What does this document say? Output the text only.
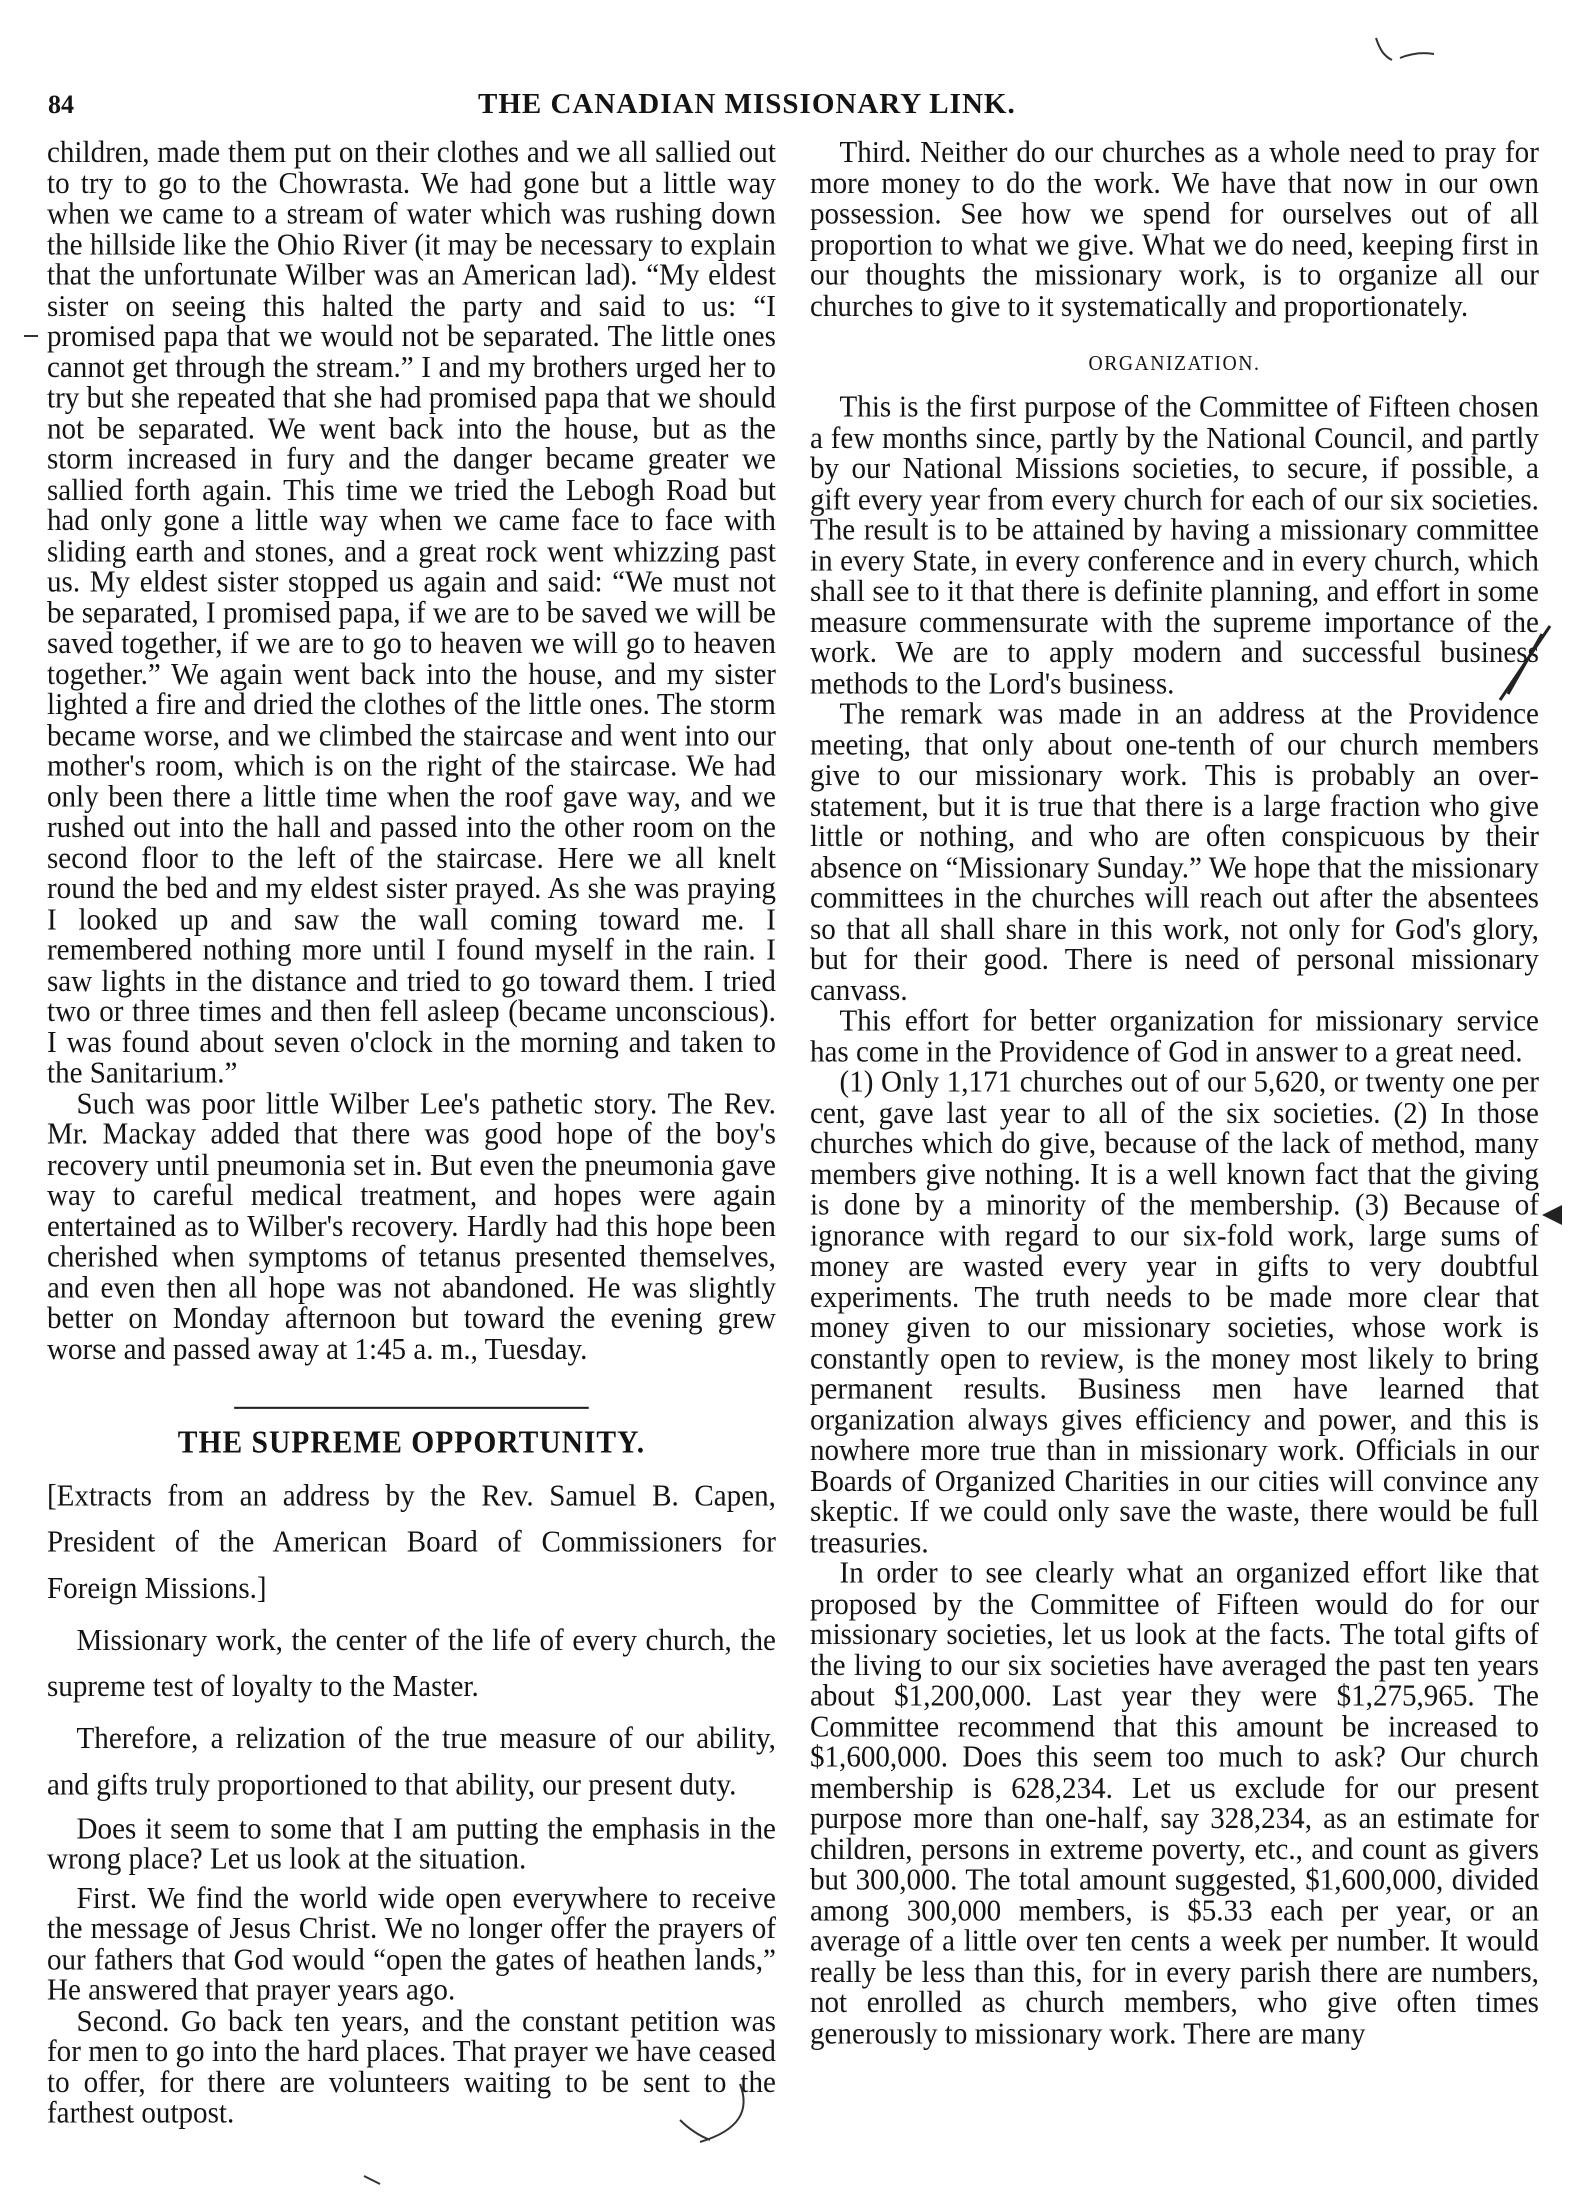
84	THE CANADIAN MISSIONARY LINK.

children, made them put on their clothes and we all sallied out to try to go to the Chowrasta. We had gone but a little way when we came to a stream of water which was rushing down the hillside like the Ohio River (it may be necessary to explain that the unfortunate Wilber was an American lad). “My eldest sister on seeing this halted the party and said to us: “I promised papa that we would not be separated. The little ones cannot get through the stream.” I and my brothers urged her to try but she repeated that she had promised papa that we should not be separated. We went back into the house, but as the storm increased in fury and the danger became greater we sallied forth again. This time we tried the Lebogh Road but had only gone a little way when we came face to face with sliding earth and stones, and a great rock went whizzing past us. My eldest sister stopped us again and said: “We must not be separated, I promised papa, if we are to be saved we will be saved together, if we are to go to heaven we will go to heaven together.” We again went back into the house, and my sister lighted a fire and dried the clothes of the little ones. The storm became worse, and we climbed the staircase and went into our mother's room, which is on the right of the staircase. We had only been there a little time when the roof gave way, and we rushed out into the hall and passed into the other room on the second floor to the left of the staircase. Here we all knelt round the bed and my eldest sister prayed. As she was praying I looked up and saw the wall coming toward me. I remembered nothing more until I found myself in the rain. I saw lights in the distance and tried to go toward them. I tried two or three times and then fell asleep (became unconscious). I was found about seven o'clock in the morning and taken to the Sanitarium.”

Such was poor little Wilber Lee's pathetic story. The Rev. Mr. Mackay added that there was good hope of the boy's recovery until pneumonia set in. But even the pneumonia gave way to careful medical treatment, and hopes were again entertained as to Wilber's recovery. Hardly had this hope been cherished when symptoms of tetanus presented themselves, and even then all hope was not abandoned. He was slightly better on Monday afternoon but toward the evening grew worse and passed away at 1:45 a. m., Tuesday.

THE SUPREME OPPORTUNITY.

[Extracts from an address by the Rev. Samuel B. Capen, President of the American Board of Commissioners for Foreign Missions.]

Missionary work, the center of the life of every church, the supreme test of loyalty to the Master.

Therefore, a relization of the true measure of our ability, and gifts truly proportioned to that ability, our present duty.

Does it seem to some that I am putting the emphasis in the wrong place? Let us look at the situation.

First. We find the world wide open everywhere to receive the message of Jesus Christ. We no longer offer the prayers of our fathers that God would “open the gates of heathen lands,” He answered that prayer years ago.

Second. Go back ten years, and the constant petition was for men to go into the hard places. That prayer we have ceased to offer, for there are volunteers waiting to be sent to the farthest outpost.

Third. Neither do our churches as a whole need to pray for more money to do the work. We have that now in our own possession. See how we spend for ourselves out of all proportion to what we give. What we do need, keeping first in our thoughts the missionary work, is to organize all our churches to give to it systematically and proportionately.

ORGANIZATION.

This is the first purpose of the Committee of Fifteen chosen a few months since, partly by the National Council, and partly by our National Missions societies, to secure, if possible, a gift every year from every church for each of our six societies. The result is to be attained by having a missionary committee in every State, in every conference and in every church, which shall see to it that there is definite planning, and effort in some measure commensurate with the supreme importance of the work. We are to apply modern and successful business methods to the Lord's business.

The remark was made in an address at the Providence meeting, that only about one-tenth of our church members give to our missionary work. This is probably an over-statement, but it is true that there is a large fraction who give little or nothing, and who are often conspicuous by their absence on “Missionary Sunday.” We hope that the missionary committees in the churches will reach out after the absentees so that all shall share in this work, not only for God's glory, but for their good. There is need of personal missionary canvass.

This effort for better organization for missionary service has come in the Providence of God in answer to a great need.

(1) Only 1,171 churches out of our 5,620, or twenty one per cent, gave last year to all of the six societies. (2) In those churches which do give, because of the lack of method, many members give nothing. It is a well known fact that the giving is done by a minority of the membership. (3) Because of ignorance with regard to our six-fold work, large sums of money are wasted every year in gifts to very doubtful experiments. The truth needs to be made more clear that money given to our missionary societies, whose work is constantly open to review, is the money most likely to bring permanent results. Business men have learned that organization always gives efficiency and power, and this is nowhere more true than in missionary work. Officials in our Boards of Organized Charities in our cities will convince any skeptic. If we could only save the waste, there would be full treasuries.

In order to see clearly what an organized effort like that proposed by the Committee of Fifteen would do for our missionary societies, let us look at the facts. The total gifts of the living to our six societies have averaged the past ten years about $1,200,000. Last year they were $1,275,965. The Committee recommend that this amount be increased to $1,600,000. Does this seem too much to ask? Our church membership is 628,234. Let us exclude for our present purpose more than one-half, say 328,234, as an estimate for children, persons in extreme poverty, etc., and count as givers but 300,000. The total amount suggested, $1,600,000, divided among 300,000 members, is $5.33 each per year, or an average of a little over ten cents a week per number. It would really be less than this, for in every parish there are numbers, not enrolled as church members, who give often times generously to missionary work. There are many
